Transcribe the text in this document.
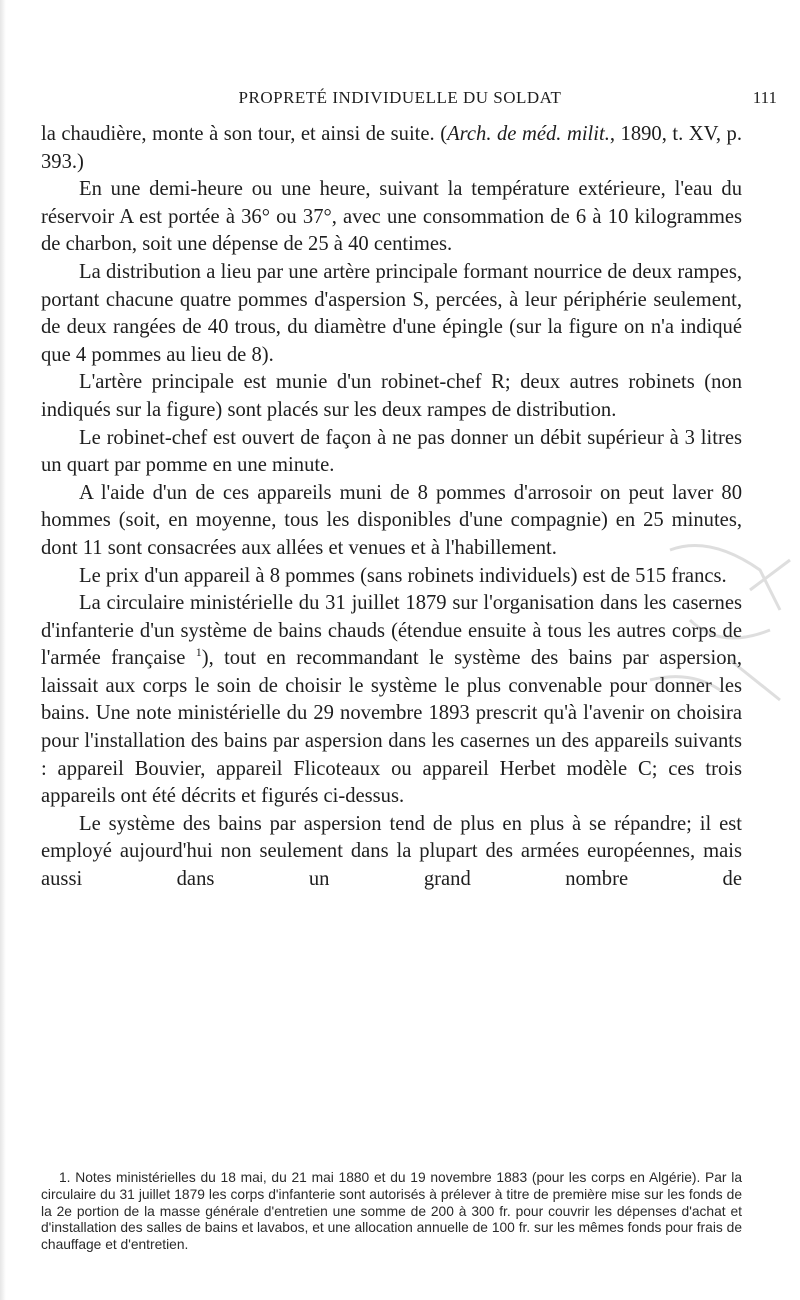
PROPRETÉ INDIVIDUELLE DU SOLDAT	111

la chaudière, monte à son tour, et ainsi de suite. (Arch. de méd. milit., 1890, t. XV, p. 393.)

En une demi-heure ou une heure, suivant la température extérieure, l'eau du réservoir A est portée à 36° ou 37°, avec une consommation de 6 à 10 kilogrammes de charbon, soit une dépense de 25 à 40 centimes.

La distribution a lieu par une artère principale formant nourrice de deux rampes, portant chacune quatre pommes d'aspersion S, percées, à leur périphérie seulement, de deux rangées de 40 trous, du diamètre d'une épingle (sur la figure on n'a indiqué que 4 pommes au lieu de 8).

L'artère principale est munie d'un robinet-chef R; deux autres robinets (non indiqués sur la figure) sont placés sur les deux rampes de distribution.

Le robinet-chef est ouvert de façon à ne pas donner un débit supérieur à 3 litres un quart par pomme en une minute.

A l'aide d'un de ces appareils muni de 8 pommes d'arrosoir on peut laver 80 hommes (soit, en moyenne, tous les disponibles d'une compagnie) en 25 minutes, dont 11 sont consacrées aux allées et venues et à l'habillement.

Le prix d'un appareil à 8 pommes (sans robinets individuels) est de 515 francs.

La circulaire ministérielle du 31 juillet 1879 sur l'organisation dans les casernes d'infanterie d'un système de bains chauds (étendue ensuite à tous les autres corps de l'armée française $^1$), tout en recommandant le système des bains par aspersion, laissait aux corps le soin de choisir le système le plus convenable pour donner les bains. Une note ministérielle du 29 novembre 1893 prescrit qu'à l'avenir on choisira pour l'installation des bains par aspersion dans les casernes un des appareils suivants : appareil Bouvier, appareil Flicoteaux ou appareil Herbet modèle C; ces trois appareils ont été décrits et figurés ci-dessus.

Le système des bains par aspersion tend de plus en plus à se répandre; il est employé aujourd'hui non seulement dans la plupart des armées européennes, mais aussi dans un grand nombre de

1. Notes ministérielles du 18 mai, du 21 mai 1880 et du 19 novembre 1883 (pour les corps en Algérie). Par la circulaire du 31 juillet 1879 les corps d'infanterie sont autorisés à prélever à titre de première mise sur les fonds de la 2e portion de la masse générale d'entretien une somme de 200 à 300 fr. pour couvrir les dépenses d'achat et d'installation des salles de bains et lavabos, et une allocation annuelle de 100 fr. sur les mêmes fonds pour frais de chauffage et d'entretien.
